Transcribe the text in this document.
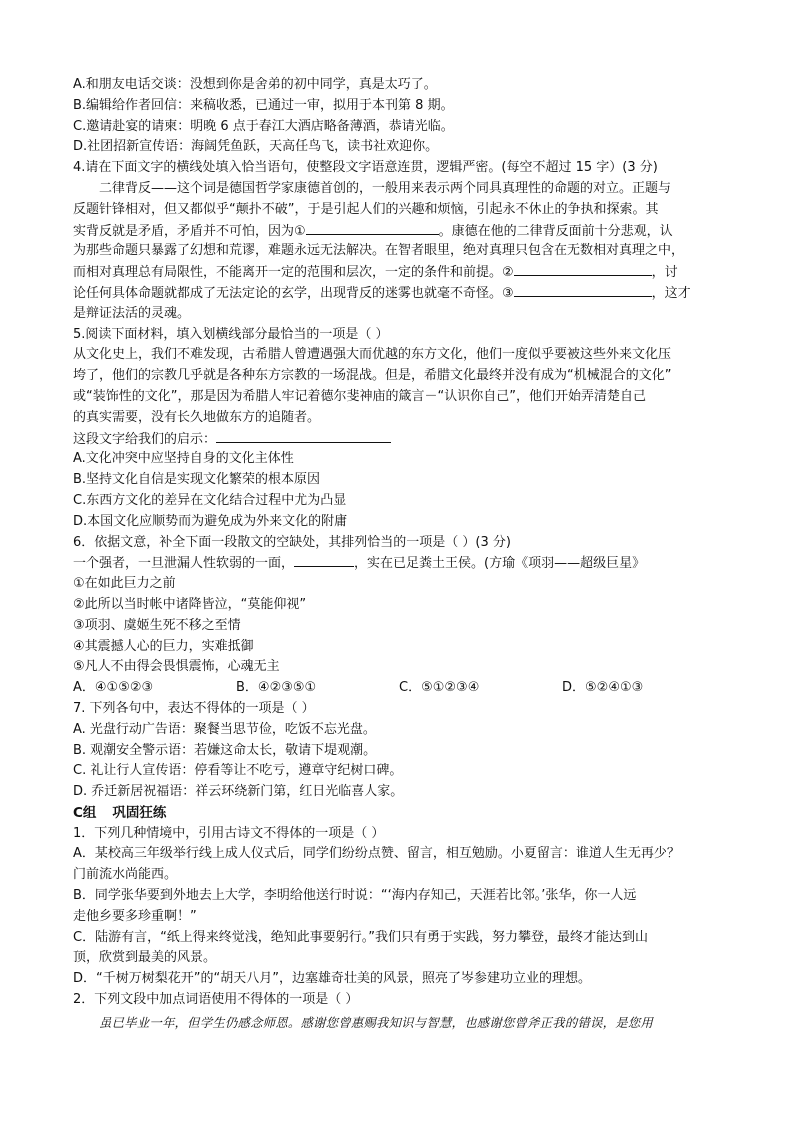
A.和朋友电话交谈：没想到你是舍弟的初中同学，真是太巧了。
B.编辑给作者回信：来稿收悉，已通过一审，拟用于本刊第 8 期。
C.邀请赴宴的请柬：明晚 6 点于春江大酒店略备薄酒，恭请光临。
D.社团招新宣传语：海阔凭鱼跃，天高任鸟飞，读书社欢迎你。
4.请在下面文字的横线处填入恰当语句，使整段文字语意连贯，逻辑严密。(每空不超过 15 字）(3 分)
二律背反——这个词是德国哲学家康德首创的，一般用来表示两个同具真理性的命题的对立。正题与
反题针锋相对，但又都似乎“颠扑不破”，于是引起人们的兴趣和烦恼，引起永不休止的争执和探索。其
实背反就是矛盾，矛盾并不可怕，因为①	。康德在他的二律背反面前十分悲观，认
为那些命题只暴露了幻想和荒谬，难题永远无法解决。在智者眼里，绝对真理只包含在无数相对真理之中，
而相对真理总有局限性，不能离开一定的范围和层次，一定的条件和前提。②	，讨
论任何具体命题就都成了无法定论的玄学，出现背反的迷雾也就毫不奇怪。③	，这才
是辩证法活的灵魂。
5.阅读下面材料，填入划横线部分最恰当的一项是（ ）
从文化史上，我们不难发现，古希腊人曾遭遇强大而优越的东方文化，他们一度似乎要被这些外来文化压
垮了，他们的宗教几乎就是各种东方宗教的一场混战。但是，希腊文化最终并没有成为“机械混合的文化”
或“装饰性的文化”，那是因为希腊人牢记着德尔斐神庙的箴言－“认识你自己”，他们开始弄清楚自己
的真实需要，没有长久地做东方的追随者。
这段文字给我们的启示：
A.文化冲突中应坚持自身的文化主体性
B.坚持文化自信是实现文化繁荣的根本原因
C.东西方文化的差异在文化结合过程中尤为凸显
D.本国文化应顺势而为避免成为外来文化的附庸
6．依据文意，补全下面一段散文的空缺处，其排列恰当的一项是（ ）(3 分)
一个强者，一旦泄漏人性软弱的一面，	，实在已足粪土王侯。(方瑜《项羽——超级巨星》
①在如此巨力之前
②此所以当时帐中诸降皆泣，“莫能仰视”
③项羽、虞姬生死不移之至情
④其震撼人心的巨力，实难抵御
⑤凡人不由得会畏惧震怖，心魂无主
A．④①⑤②③	B．④②③⑤①	C．⑤①②③④	D．⑤②④①③
7. 下列各句中，表达不得体的一项是（ ）
A. 光盘行动广告语：聚餐当思节俭，吃饭不忘光盘。
B. 观潮安全警示语：若嫌这命太长，敬请下堤观潮。
C. 礼让行人宣传语：停看等让不吃亏，遵章守纪树口碑。
D. 乔迁新居祝福语：祥云环绕新门第，红日光临喜人家。
C组 巩固狂练
1．下列几种情境中，引用古诗文不得体的一项是（ ）
A．某校高三年级举行线上成人仪式后，同学们纷纷点赞、留言，相互勉励。小夏留言：谁道人生无再少？
门前流水尚能西。
B．同学张华要到外地去上大学，李明给他送行时说：“‘海内存知己，天涯若比邻。’张华，你一人远
走他乡要多珍重啊！”
C．陆游有言，“纸上得来终觉浅，绝知此事要躬行。”我们只有勇于实践，努力攀登，最终才能达到山
顶，欣赏到最美的风景。
D．“千树万树梨花开”的“胡天八月”，边塞雄奇壮美的风景，照亮了岑参建功立业的理想。
2．下列文段中加点词语使用不得体的一项是（ ）
虽已毕业一年，但学生仍感念师恩。感谢您曾惠赐我知识与智慧，也感谢您曾斧正我的错误，是您用
